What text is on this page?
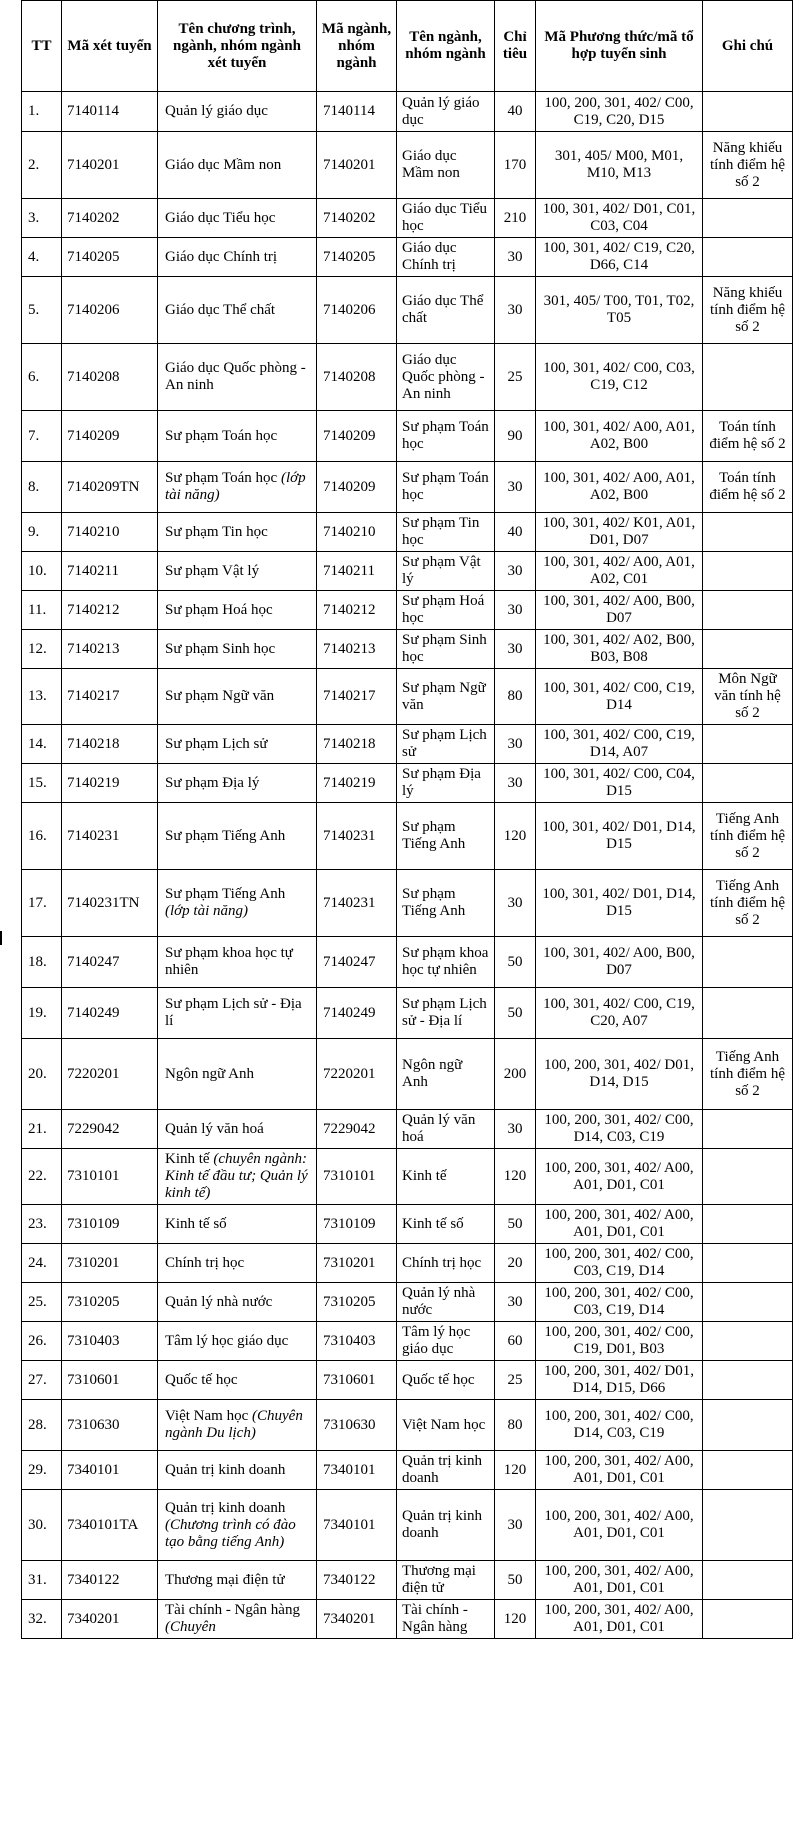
TT	Mã xét tuyển	Tên chương trình, ngành, nhóm ngành xét tuyển	Mã ngành, nhóm ngành	Tên ngành, nhóm ngành	Chỉ tiêu	Mã Phương thức/mã tổ hợp tuyển sinh	Ghi chú
1.	7140114	Quản lý giáo dục	7140114	Quản lý giáo dục	40	100, 200, 301, 402/ C00, C19, C20, D15	
2.	7140201	Giáo dục Mầm non	7140201	Giáo dục Mầm non	170	301, 405/ M00, M01, M10, M13	Năng khiếu tính điểm hệ số 2
3.	7140202	Giáo dục Tiểu học	7140202	Giáo dục Tiểu học	210	100, 301, 402/ D01, C01, C03, C04	
4.	7140205	Giáo dục Chính trị	7140205	Giáo dục Chính trị	30	100, 301, 402/ C19, C20, D66, C14	
5.	7140206	Giáo dục Thể chất	7140206	Giáo dục Thể chất	30	301, 405/ T00, T01, T02, T05	Năng khiếu tính điểm hệ số 2
6.	7140208	Giáo dục Quốc phòng - An ninh	7140208	Giáo dục Quốc phòng - An ninh	25	100, 301, 402/ C00, C03, C19, C12	
7.	7140209	Sư phạm Toán học	7140209	Sư phạm Toán học	90	100, 301, 402/ A00, A01, A02, B00	Toán tính điểm hệ số 2
8.	7140209TN	Sư phạm Toán học (lớp tài năng)	7140209	Sư phạm Toán học	30	100, 301, 402/ A00, A01, A02, B00	Toán tính điểm hệ số 2
9.	7140210	Sư phạm Tin học	7140210	Sư phạm Tin học	40	100, 301, 402/ K01, A01, D01, D07	
10.	7140211	Sư phạm Vật lý	7140211	Sư phạm Vật lý	30	100, 301, 402/ A00, A01, A02, C01	
11.	7140212	Sư phạm Hoá học	7140212	Sư phạm Hoá học	30	100, 301, 402/ A00, B00, D07	
12.	7140213	Sư phạm Sinh học	7140213	Sư phạm Sinh học	30	100, 301, 402/ A02, B00, B03, B08	
13.	7140217	Sư phạm Ngữ văn	7140217	Sư phạm Ngữ văn	80	100, 301, 402/ C00, C19, D14	Môn Ngữ văn tính hệ số 2
14.	7140218	Sư phạm Lịch sử	7140218	Sư phạm Lịch sử	30	100, 301, 402/ C00, C19, D14, A07	
15.	7140219	Sư phạm Địa lý	7140219	Sư phạm Địa lý	30	100, 301, 402/ C00, C04, D15	
16.	7140231	Sư phạm Tiếng Anh	7140231	Sư phạm Tiếng Anh	120	100, 301, 402/ D01, D14, D15	Tiếng Anh tính điểm hệ số 2
17.	7140231TN	Sư phạm Tiếng Anh (lớp tài năng)	7140231	Sư phạm Tiếng Anh	30	100, 301, 402/ D01, D14, D15	Tiếng Anh tính điểm hệ số 2
18.	7140247	Sư phạm khoa học tự nhiên	7140247	Sư phạm khoa học tự nhiên	50	100, 301, 402/ A00, B00, D07	
19.	7140249	Sư phạm Lịch sử - Địa lí	7140249	Sư phạm Lịch sử - Địa lí	50	100, 301, 402/ C00, C19, C20, A07	
20.	7220201	Ngôn ngữ Anh	7220201	Ngôn ngữ Anh	200	100, 200, 301, 402/ D01, D14, D15	Tiếng Anh tính điểm hệ số 2
21.	7229042	Quản lý văn hoá	7229042	Quản lý văn hoá	30	100, 200, 301, 402/ C00, D14, C03, C19	
22.	7310101	Kinh tế (chuyên ngành: Kinh tế đầu tư; Quản lý kinh tế)	7310101	Kinh tế	120	100, 200, 301, 402/ A00, A01, D01, C01	
23.	7310109	Kinh tế số	7310109	Kinh tế số	50	100, 200, 301, 402/ A00, A01, D01, C01	
24.	7310201	Chính trị học	7310201	Chính trị học	20	100, 200, 301, 402/ C00, C03, C19, D14	
25.	7310205	Quản lý nhà nước	7310205	Quản lý nhà nước	30	100, 200, 301, 402/ C00, C03, C19, D14	
26.	7310403	Tâm lý học giáo dục	7310403	Tâm lý học giáo dục	60	100, 200, 301, 402/ C00, C19, D01, B03	
27.	7310601	Quốc tế học	7310601	Quốc tế học	25	100, 200, 301, 402/ D01, D14, D15, D66	
28.	7310630	Việt Nam học (Chuyên ngành Du lịch)	7310630	Việt Nam học	80	100, 200, 301, 402/ C00, D14, C03, C19	
29.	7340101	Quản trị kinh doanh	7340101	Quản trị kinh doanh	120	100, 200, 301, 402/ A00, A01, D01, C01	
30.	7340101TA	Quản trị kinh doanh (Chương trình có đào tạo bằng tiếng Anh)	7340101	Quản trị kinh doanh	30	100, 200, 301, 402/ A00, A01, D01, C01	
31.	7340122	Thương mại điện tử	7340122	Thương mại điện tử	50	100, 200, 301, 402/ A00, A01, D01, C01	
32.	7340201	Tài chính - Ngân hàng (Chuyên	7340201	Tài chính - Ngân hàng	120	100, 200, 301, 402/ A00, A01, D01, C01	
